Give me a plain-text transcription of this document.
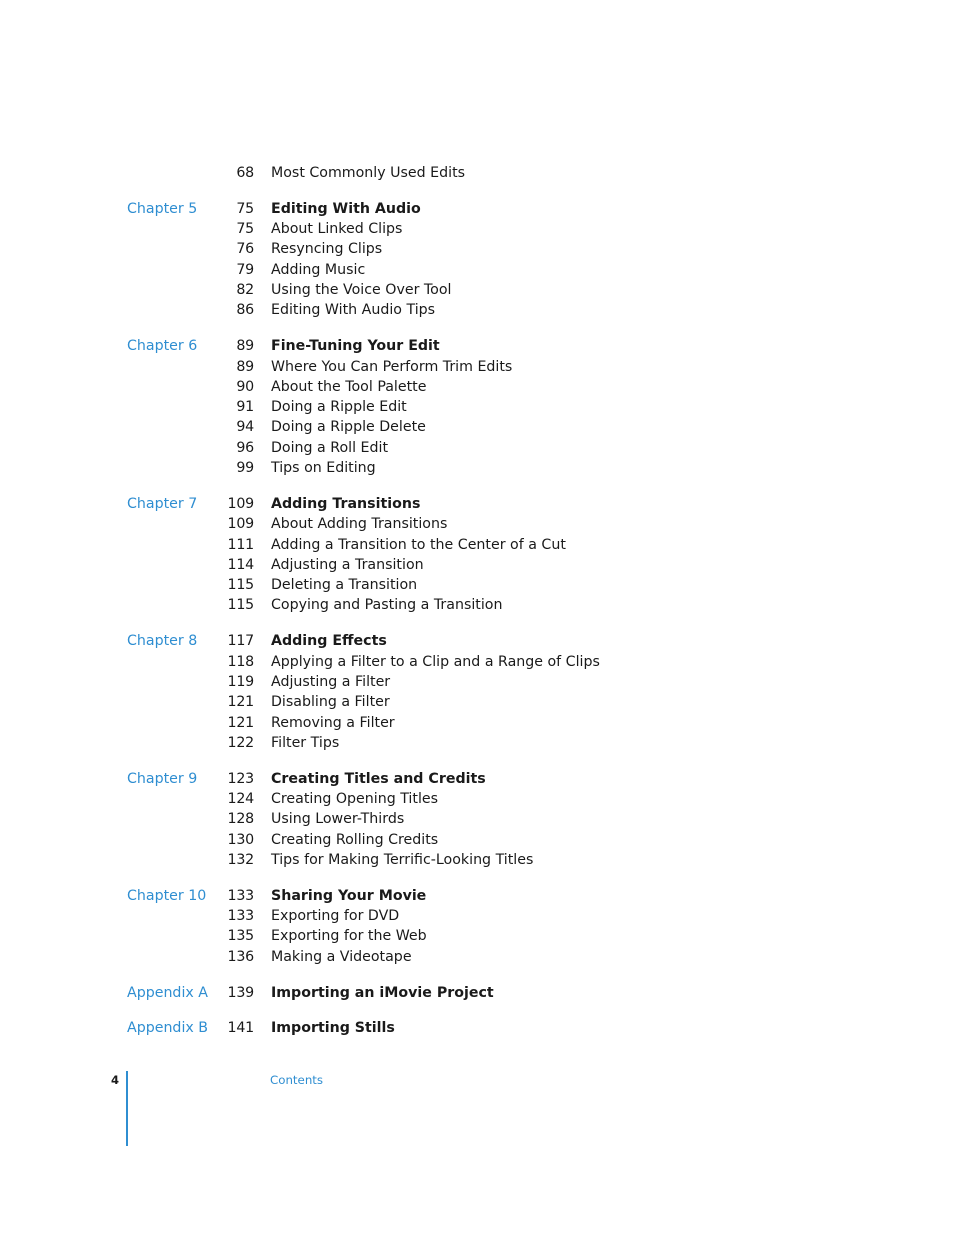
68 Most Commonly Used Edits
Chapter 5	75 Editing With Audio
75 About Linked Clips
76 Resyncing Clips
79 Adding Music
82 Using the Voice Over Tool
86 Editing With Audio Tips
Chapter 6	89 Fine-Tuning Your Edit
89 Where You Can Perform Trim Edits
90 About the Tool Palette
91 Doing a Ripple Edit
94 Doing a Ripple Delete
96 Doing a Roll Edit
99 Tips on Editing
Chapter 7 109 Adding Transitions
109 About Adding Transitions
111 Adding a Transition to the Center of a Cut
114 Adjusting a Transition
115 Deleting a Transition
115 Copying and Pasting a Transition
Chapter 8 117 Adding Effects
118 Applying a Filter to a Clip and a Range of Clips
119 Adjusting a Filter
121 Disabling a Filter
121 Removing a Filter
122 Filter Tips
Chapter 9 123 Creating Titles and Credits
124 Creating Opening Titles
128 Using Lower-Thirds
130 Creating Rolling Credits
132 Tips for Making Terrific-Looking Titles
Chapter 10 133 Sharing Your Movie
133 Exporting for DVD
135 Exporting for the Web
136 Making a Videotape
Appendix A 139 Importing an iMovie Project
Appendix B 141 Importing Stills
4	Contents
